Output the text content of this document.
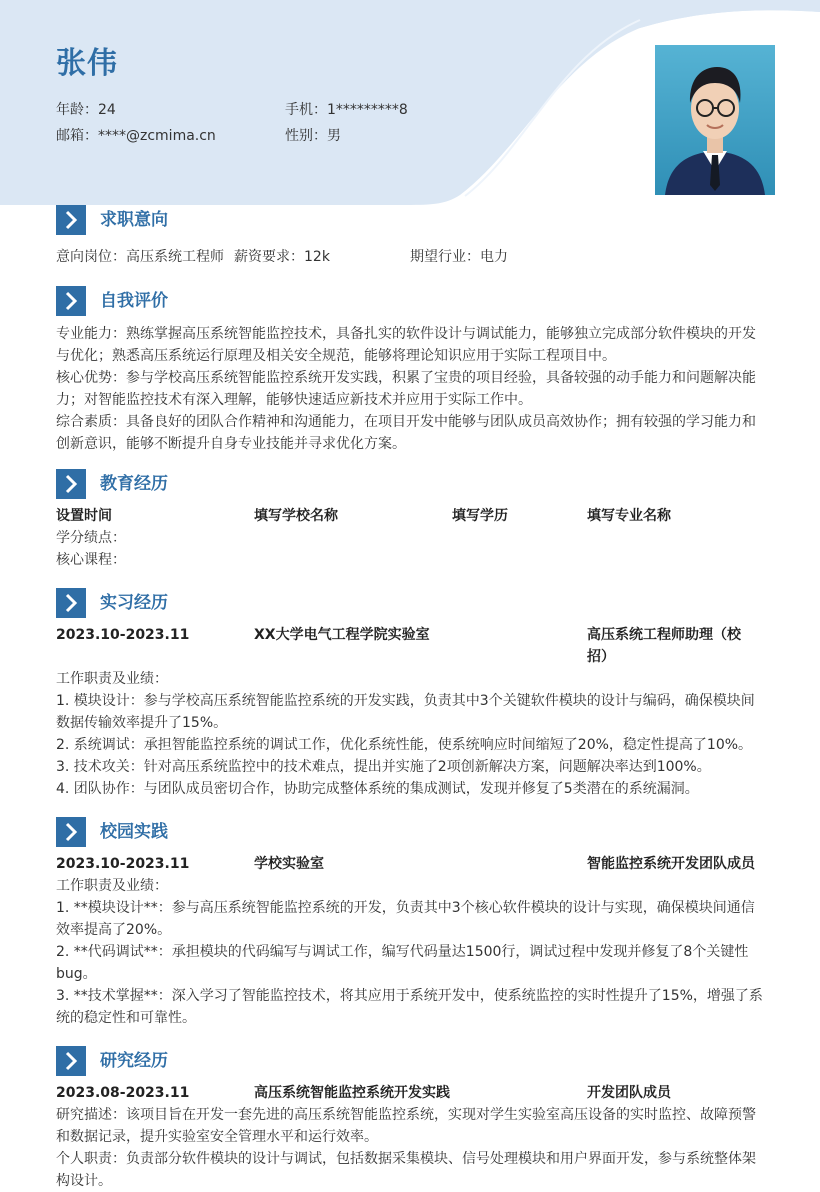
张伟
年龄：24	手机：1*********8
邮箱：****@zcmima.cn	性别：男
求职意向
意向岗位：高压系统工程师 薪资要求：12k	期望行业：电力
自我评价
专业能力：熟练掌握高压系统智能监控技术，具备扎实的软件设计与调试能力，能够独立完成部分软件模块的开发与优化；熟悉高压系统运行原理及相关安全规范，能够将理论知识应用于实际工程项目中。
核心优势：参与学校高压系统智能监控系统开发实践，积累了宝贵的项目经验，具备较强的动手能力和问题解决能力；对智能监控技术有深入理解，能够快速适应新技术并应用于实际工作中。
综合素质：具备良好的团队合作精神和沟通能力，在项目开发中能够与团队成员高效协作；拥有较强的学习能力和创新意识，能够不断提升自身专业技能并寻求优化方案。
教育经历
设置时间	填写学校名称	填写学历	填写专业名称
学分绩点：
核心课程：
实习经历
2023.10-2023.11	XX大学电气工程学院实验室	高压系统工程师助理（校
招）
工作职责及业绩：
1. 模块设计：参与学校高压系统智能监控系统的开发实践，负责其中3个关键软件模块的设计与编码，确保模块间数据传输效率提升了15%。
2. 系统调试：承担智能监控系统的调试工作，优化系统性能，使系统响应时间缩短了20%，稳定性提高了10%。
3. 技术攻关：针对高压系统监控中的技术难点，提出并实施了2项创新解决方案，问题解决率达到100%。
4. 团队协作：与团队成员密切合作，协助完成整体系统的集成测试，发现并修复了5类潜在的系统漏洞。
校园实践
2023.10-2023.11	学校实验室	智能监控系统开发团队成员
工作职责及业绩：
1. **模块设计**：参与高压系统智能监控系统的开发，负责其中3个核心软件模块的设计与实现，确保模块间通信效率提高了20%。
2. **代码调试**：承担模块的代码编写与调试工作，编写代码量达1500行，调试过程中发现并修复了8个关键性bug。
3. **技术掌握**：深入学习了智能监控技术，将其应用于系统开发中，使系统监控的实时性提升了15%，增强了系统的稳定性和可靠性。
研究经历
2023.08-2023.11	高压系统智能监控系统开发实践	开发团队成员
研究描述：该项目旨在开发一套先进的高压系统智能监控系统，实现对学生实验室高压设备的实时监控、故障预警和数据记录，提升实验室安全管理水平和运行效率。
个人职责：负责部分软件模块的设计与调试，包括数据采集模块、信号处理模块和用户界面开发，参与系统整体架构设计。
